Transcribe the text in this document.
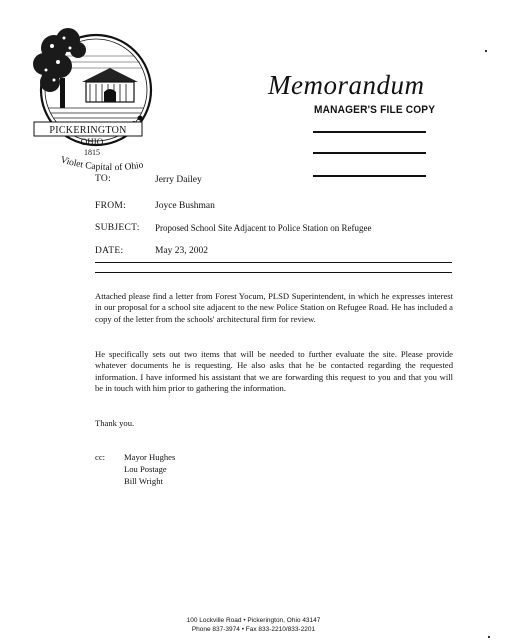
PICKERINGTON
OHIO
1815
Violet Capital of Ohio
Memorandum
MANAGER'S FILE COPY
TO:	Jerry Dailey
FROM:	Joyce Bushman
SUBJECT: Proposed School Site Adjacent to Police Station on Refugee
DATE:	May 23, 2002
Attached please find a letter from Forest Yocum, PLSD Superintendent, in which he expresses interest in our proposal for a school site adjacent to the new Police Station on Refugee Road. He has included a copy of the letter from the schools' architectural firm for review.
He specifically sets out two items that will be needed to further evaluate the site. Please provide whatever documents he is requesting. He also asks that he be contacted regarding the requested information. I have informed his assistant that we are forwarding this request to you and that you will be in touch with him prior to gathering the information.
Thank you.
cc: Mayor Hughes
Lou Postage
Bill Wright
100 Lockville Road • Pickerington, Ohio 43147
Phone 837-3974 • Fax 833-2210/833-2201
